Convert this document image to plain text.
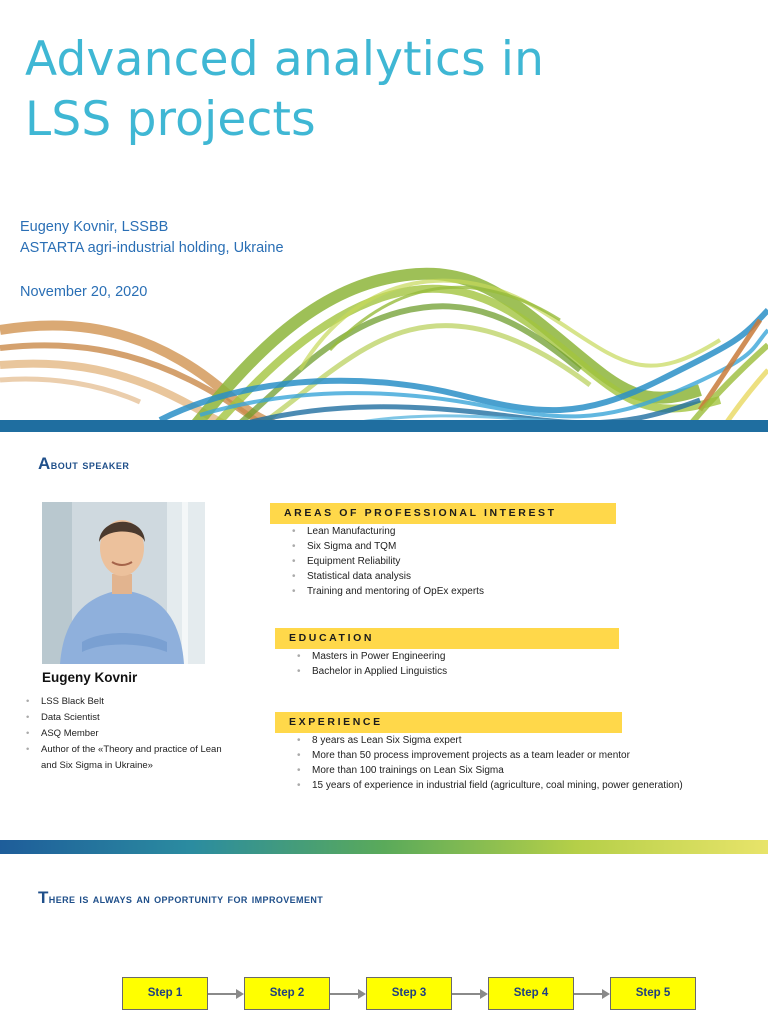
Advanced analytics in
LSS projects
Eugeny Kovnir, LSSBB
ASTARTA agri-industrial holding, Ukraine
November 20, 2020
About speaker
Eugeny Kovnir
• LSS Black Belt
• Data Scientist
• ASQ Member
• Author of the «Theory and practice of Lean and Six Sigma in Ukraine»
AREAS OF PROFESSIONAL INTEREST
• Lean Manufacturing
• Six Sigma and TQM
• Equipment Reliability
• Statistical data analysis
• Training and mentoring of OpEx experts
EDUCATION
• Masters in Power Engineering
• Bachelor in Applied Linguistics
EXPERIENCE
• 8 years as Lean Six Sigma expert
• More than 50 process improvement projects as a team leader or mentor
• More than 100 trainings on Lean Six Sigma
• 15 years of experience in industrial field (agriculture, coal mining, power generation)
There is always an opportunity for improvement
Step 1	Step 2	Step 3	Step 4	Step 5
